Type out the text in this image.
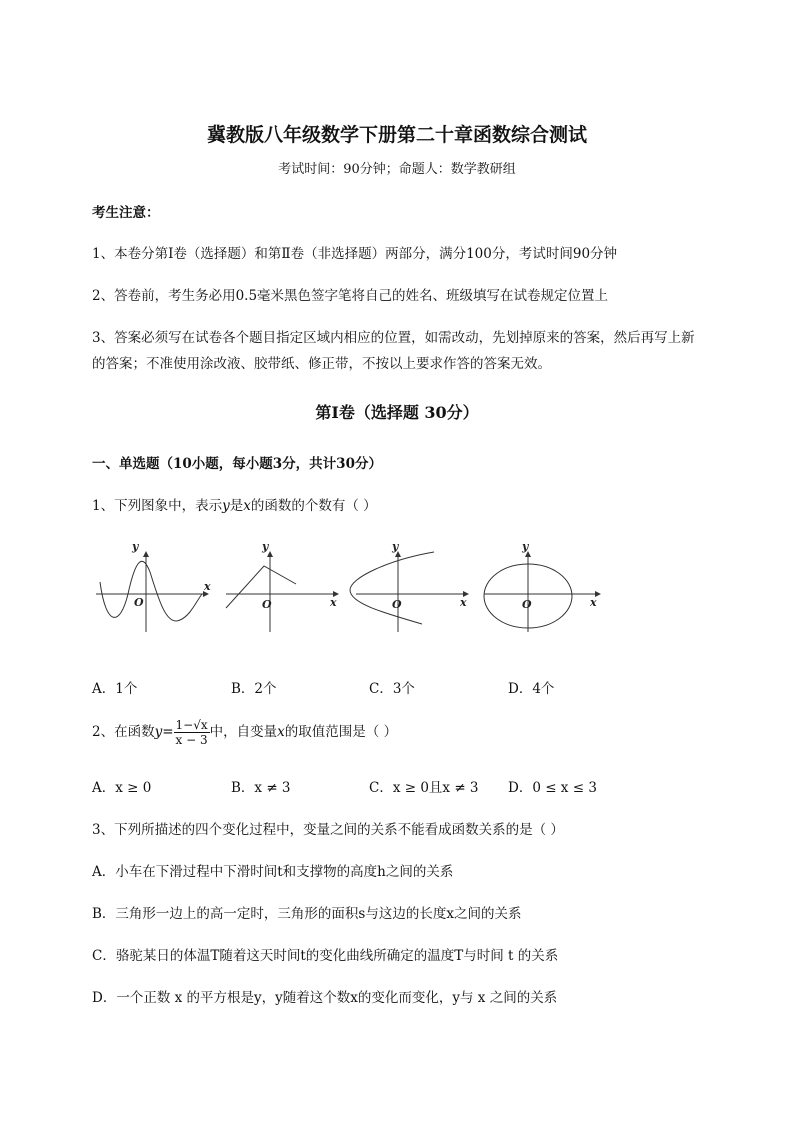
冀教版八年级数学下册第二十章函数综合测试
考试时间：90分钟；命题人：数学教研组
考生注意：
1、本卷分第I卷（选择题）和第Ⅱ卷（非选择题）两部分，满分100分，考试时间90分钟
2、答卷前，考生务必用0.5毫米黑色签字笔将自己的姓名、班级填写在试卷规定位置上
3、答案必须写在试卷各个题目指定区域内相应的位置，如需改动，先划掉原来的答案，然后再写上新
的答案；不准使用涂改液、胶带纸、修正带，不按以上要求作答的答案无效。
第I卷（选择题 30分）
一、单选题（10小题，每小题3分，共计30分）
1、下列图象中，表示y是x的函数的个数有（ ）
y
x
O
y
x
O
y
x
O
y
x
O
A．1个	B．2个	C．3个	D．4个
2、在函数$y= \frac{1-√x}{x - 3}$ 中，自变量x的取值范围是（ ）
A．x ≥ 0	B．x ≠ 3	C．x ≥ 0且x ≠ 3 D．0 ≤ x ≤ 3
3、下列所描述的四个变化过程中，变量之间的关系不能看成函数关系的是（ ）
A．小车在下滑过程中下滑时间t和支撑物的高度h之间的关系
B．三角形一边上的高一定时，三角形的面积s与这边的长度x之间的关系
C．骆驼某日的体温T随着这天时间t的变化曲线所确定的温度T与时间 t 的关系
D．一个正数 x 的平方根是y，y随着这个数x的变化而变化，y与 x 之间的关系
